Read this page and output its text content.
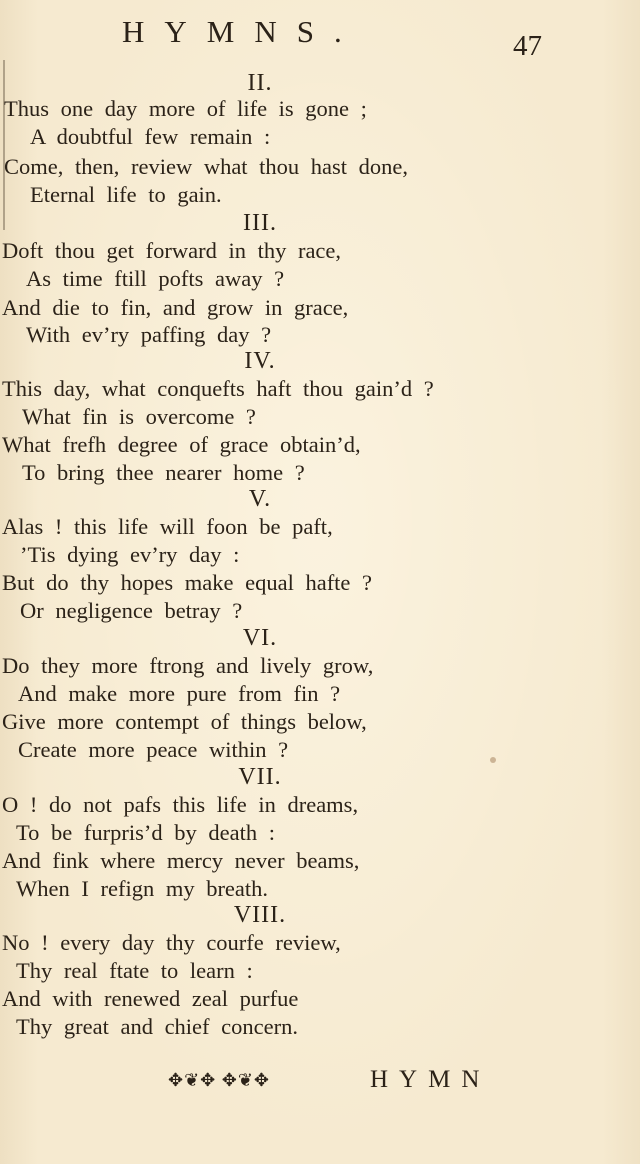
HYMNS.	47
II.
Thus one day more of life is gone ;
A doubtful few remain :
Come, then, review what thou hast done,
Eternal life to gain.
III.
Doft thou get forward in thy race,
As time ftill pofts away ?
And die to fin, and grow in grace,
With ev’ry paffing day ?
IV.
This day, what conquefts haft thou gain’d ?
What fin is overcome ?
What frefh degree of grace obtain’d,
To bring thee nearer home ?
V.
Alas ! this life will foon be paft,
’Tis dying ev’ry day :
But do thy hopes make equal hafte ?
Or negligence betray ?
VI.
Do they more ftrong and lively grow,
And make more pure from fin ?
Give more contempt of things below,
Create more peace within ?
VII.
O ! do not pafs this life in dreams,
To be furpris’d by death :
And fink where mercy never beams,
When I refign my breath.
VIII.
No ! every day thy courfe review,
Thy real ftate to learn :
And with renewed zeal purfue
Thy great and chief concern.
✥❦✥ ✥❦✥	HYMN
